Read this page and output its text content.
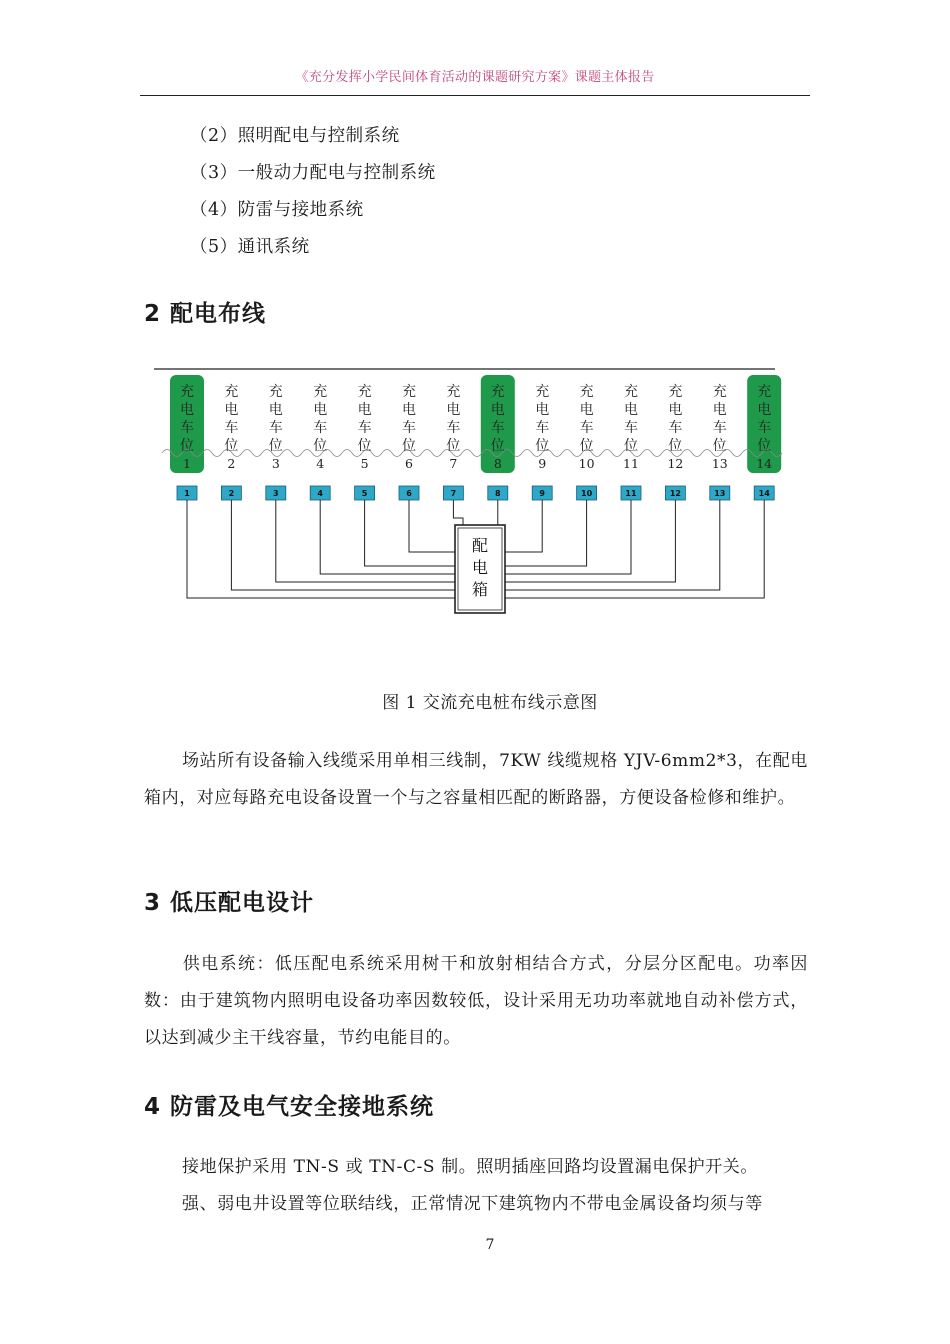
《充分发挥小学民间体育活动的课题研究方案》课题主体报告
（2）照明配电与控制系统
（3）一般动力配电与控制系统
（4）防雷与接地系统
（5）通讯系统
2 配电布线
充
电
车
位
1
充
电
车
位
2
充
电
车
位
3
充
电
车
位
4
充
电
车
位
5
充
电
车
位
6
充
电
车
位
7
充
电
车
位
8
充
电
车
位
9
充
电
车
位
10
充
电
车
位
11
充
电
车
位
12
充
电
车
位
13
充
电
车
位
14
1	2	3	4	5	6	7	8	9	10	11	12	13	14
配
电
箱
图 1 交流充电桩布线示意图

场站所有设备输入线缆采用单相三线制，7KW 线缆规格 YJV-6mm2*3，在配电箱内，对应每路充电设备设置一个与之容量相匹配的断路器，方便设备检修和维护。

3 低压配电设计

供电系统：低压配电系统采用树干和放射相结合方式，分层分区配电。功率因数：由于建筑物内照明电设备功率因数较低，设计采用无功功率就地自动补偿方式，以达到减少主干线容量，节约电能目的。

4 防雷及电气安全接地系统

接地保护采用 TN-S 或 TN-C-S 制。照明插座回路均设置漏电保护开关。

强、弱电井设置等位联结线，正常情况下建筑物内不带电金属设备均须与等

7
